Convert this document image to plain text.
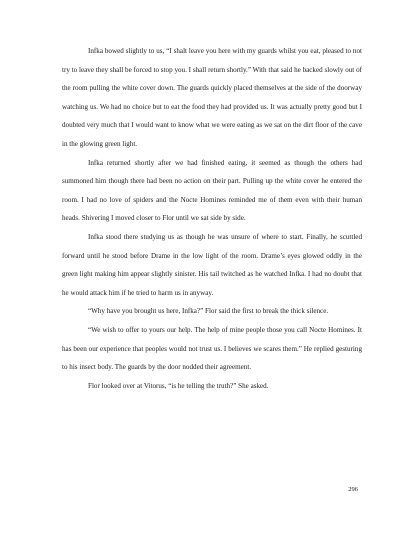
Infka bowed slightly to us, “I shalt leave you here with my guards whilst you eat, pleased to not try to leave they shall be forced to stop you. I shall return shortly.” With that said he backed slowly out of the room pulling the white cover down. The guards quickly placed themselves at the side of the doorway watching us. We had no choice but to eat the food they had provided us. It was actually pretty good but I doubted very much that I would want to know what we were eating as we sat on the dirt floor of the cave in the glowing green light.

Infka returned shortly after we had finished eating, it seemed as though the others had summoned him though there had been no action on their part. Pulling up the white cover he entered the room. I had no love of spiders and the Nocte Homines reminded me of them even with their human heads. Shivering I moved closer to Flor until we sat side by side.

Infka stood there studying us as though he was unsure of where to start. Finally, he scuttled forward until he stood before Drame in the low light of the room. Drame’s eyes glowed oddly in the green light making him appear slightly sinister. His tail twitched as he watched Infka. I had no doubt that he would attack him if he tried to harm us in anyway.

“Why have you brought us here, Infka?” Flor said the first to break the thick silence.

“We wish to offer to yours our help. The help of mine people those you call Nocte Homines. It has been our experience that peoples would not trust us. I believes we scares them.” He replied gesturing to his insect body. The guards by the door nodded their agreement.

Flor looked over at Vitorus, “is he telling the truth?” She asked.

296
